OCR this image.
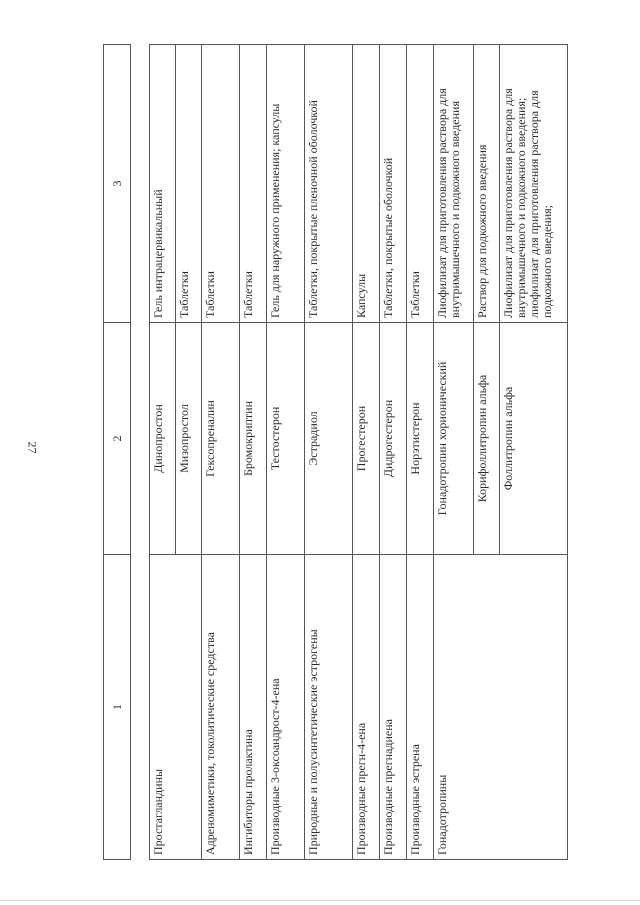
27
1	2	3

Простагландины	Динопростон	Гель интрацервикальный
	Мизопростол	Таблетки
Адреномиметики, токолитические средства	Гексопреналин	Таблетки
Ингибиторы пролактина	Бромокриптин	Таблетки
Производные 3-оксоандрост-4-ена	Тестостерон	Гель для наружного применения; капсулы
Природные и полусинтетические эстрогены	Эстрадиол	Таблетки, покрытые пленочной оболочкой
Производные прегн-4-ена	Прогестерон	Капсулы
Производные прегнадиена	Дидрогестерон	Таблетки, покрытые оболочкой
Производные эстрена	Норэтистерон	Таблетки
Гонадотропины	Гонадотропин хорионический	Лиофилизат для приготовления раствора для внутримышечного и подкожного введения
	Корифоллитропин альфа	Раствор для подкожного введения
	Фоллитропин альфа	Лиофилизат для приготовления раствора для внутримышечного и подкожного введения; лиофилизат для приготовления раствора для подкожного введения;
